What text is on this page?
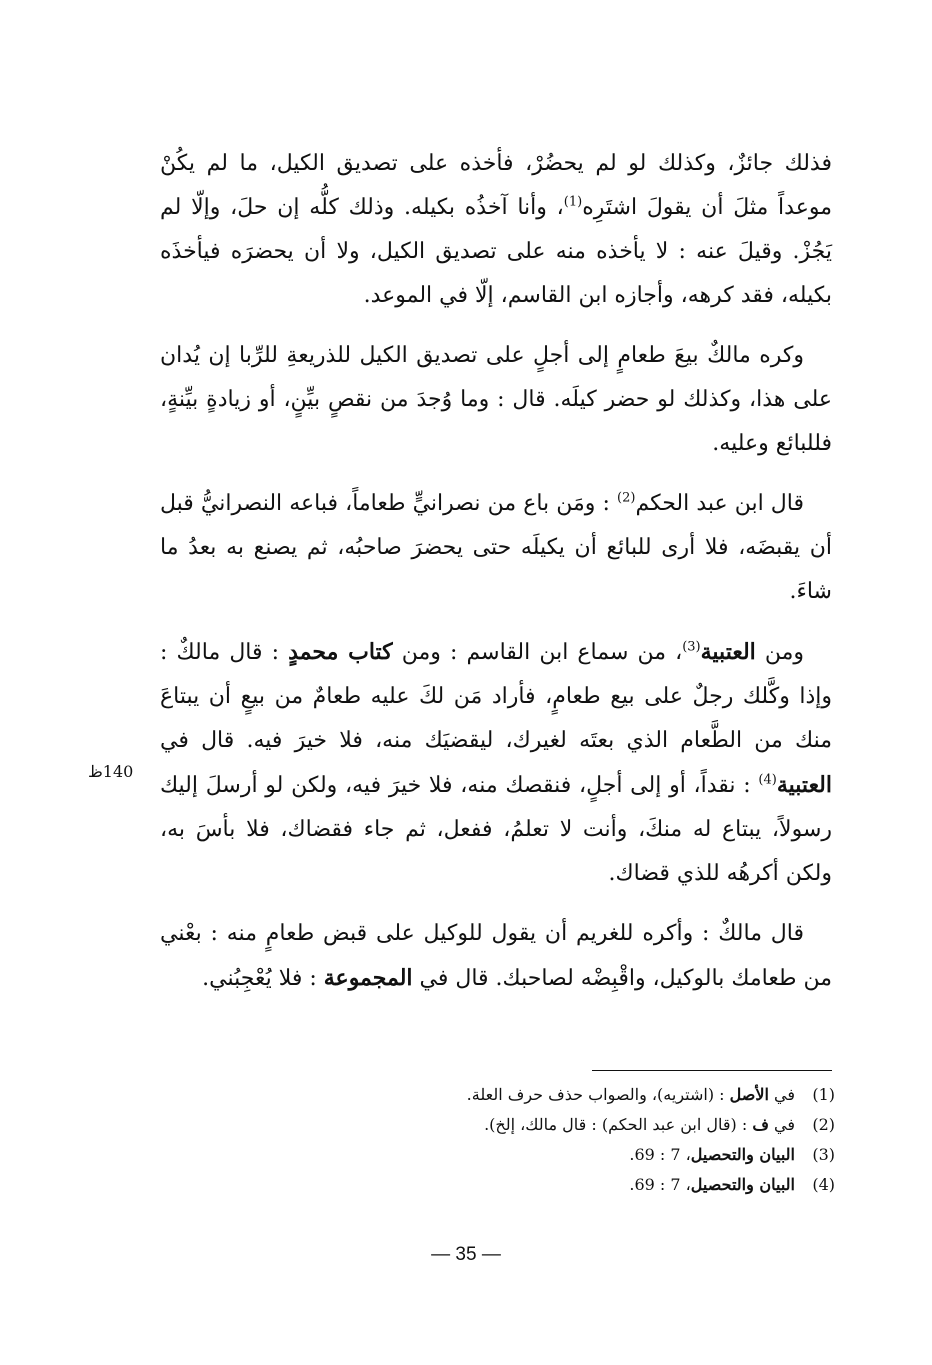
فذلك جائزٌ، وكذلك لو لم يحضُرْ، فأخذه على تصديق الكيل، ما لم يكُنْ موعداً مثلَ أن يقولَ اشتَرِه$^{(1)}$، وأنا آخذُه بكيله. وذلك كلُّه إن حلَ، وإلّا لم يَجُزْ. وقيلَ عنه : لا يأخذه منه على تصديق الكيل، ولا أن يحضرَه فيأخذَه بكيله، فقد كرهه، وأجازه ابن القاسم، إلّا في الموعد.

وكره مالكٌ بيعَ طعامٍ إلى أجلٍ على تصديق الكيل للذريعةِ للرِّبا إن يُدان على هذا، وكذلك لو حضر كيلَه. قال : وما وُجدَ من نقصٍ بيِّنٍ، أو زيادةٍ بيِّنةٍ، فللبائع وعليه.

قال ابن عبد الحكم$^{(2)}$ : ومَن باع من نصرانيٍّ طعاماً، فباعه النصرانيُّ قبل أن يقبضَه، فلا أرى للبائع أن يكيلَه حتى يحضرَ صاحبُه، ثم يصنع به بعدُ ما شاءَ.

ومن العتبية$^{(3)}$، من سماع ابن القاسم : ومن كتاب محمدٍ : قال مالكٌ : وإذا وكَّلك رجلٌ على بيع طعامٍ، فأراد مَن لكَ عليه طعامٌ من بيعٍ أن يبتاعَ منك من الطَّعام الذي بعتَه لغيرك، ليقضيَك منه، فلا خيرَ فيه. قال في العتبية$^{(4)}$ : نقداً، أو إلى أجلٍ، فنقصك منه، فلا خيرَ فيه، ولكن لو أرسلَ إليك رسولاً، يبتاع له منكَ، وأنت لا تعلمُ، ففعل، ثم جاء فقضاك، فلا بأسَ به، ولكن أكرهُه للذي قضاك.

قال مالكٌ : وأكره للغريم أن يقول للوكيل على قبض طعامٍ منه : بعْني من طعامك بالوكيل، واقْبِضْه لصاحبك. قال في المجموعة : فلا يُعْجِبُني.

140ظ
(1)
في الأصل : (اشتريه)، والصواب حذف حرف العلة.
(2)
في ف : (قال ابن عبد الحكم) : قال مالك، إلخ).
(3)
البيان والتحصيل، 7 : 69.
(4)
البيان والتحصيل، 7 : 69.
— 35 —
